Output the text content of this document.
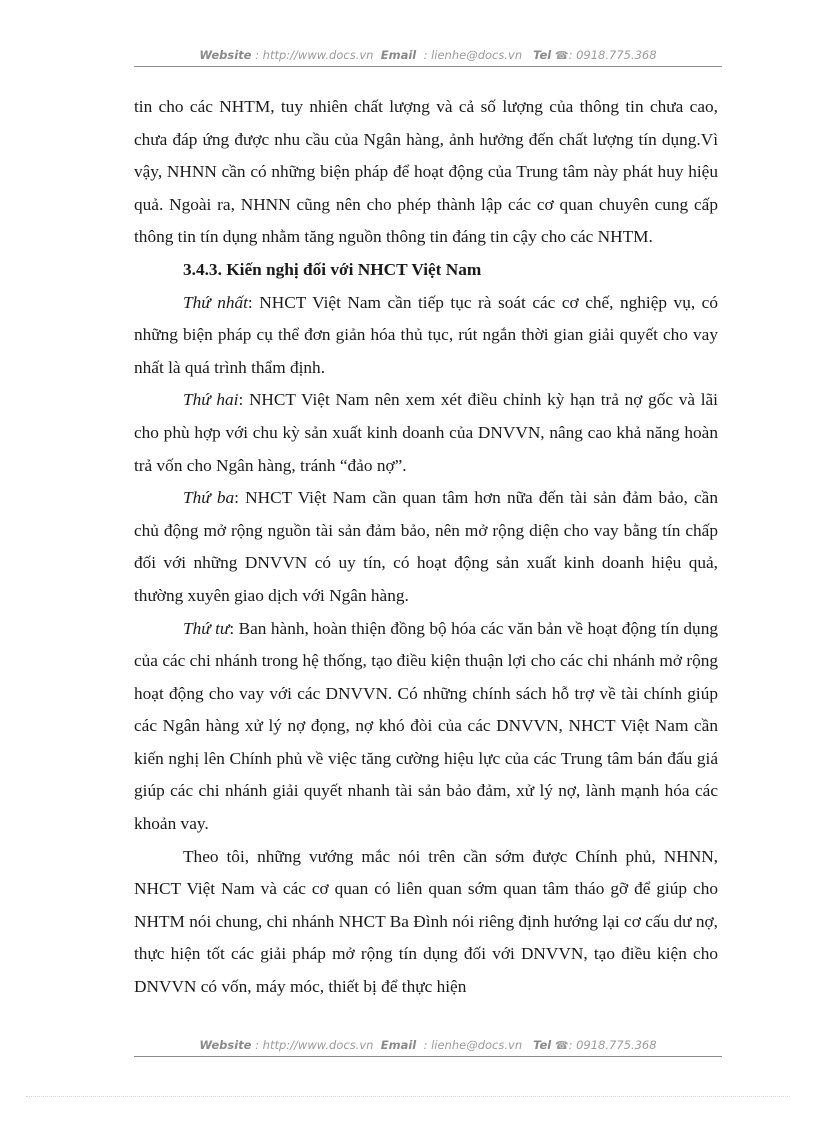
Website : http://www.docs.vn Email : lienhe@docs.vn Tel ☎: 0918.775.368

tin cho các NHTM, tuy nhiên chất lượng và cả số lượng của thông tin chưa cao, chưa đáp ứng được nhu cầu của Ngân hàng, ảnh hưởng đến chất lượng tín dụng.Vì vậy, NHNN cần có những biện pháp để hoạt động của Trung tâm này phát huy hiệu quả. Ngoài ra, NHNN cũng nên cho phép thành lập các cơ quan chuyên cung cấp thông tin tín dụng nhằm tăng nguồn thông tin đáng tin cậy cho các NHTM.

3.4.3. Kiến nghị đối với NHCT Việt Nam

Thứ nhất: NHCT Việt Nam cần tiếp tục rà soát các cơ chế, nghiệp vụ, có những biện pháp cụ thể đơn giản hóa thủ tục, rút ngắn thời gian giải quyết cho vay nhất là quá trình thẩm định.

Thứ hai: NHCT Việt Nam nên xem xét điều chỉnh kỳ hạn trả nợ gốc và lãi cho phù hợp với chu kỳ sản xuất kinh doanh của DNVVN, nâng cao khả năng hoàn trả vốn cho Ngân hàng, tránh “đảo nợ”.

Thứ ba: NHCT Việt Nam cần quan tâm hơn nữa đến tài sản đảm bảo, cần chủ động mở rộng nguồn tài sản đảm bảo, nên mở rộng diện cho vay bằng tín chấp đối với những DNVVN có uy tín, có hoạt động sản xuất kinh doanh hiệu quả, thường xuyên giao dịch với Ngân hàng.

Thứ tư: Ban hành, hoàn thiện đồng bộ hóa các văn bản về hoạt động tín dụng của các chi nhánh trong hệ thống, tạo điều kiện thuận lợi cho các chi nhánh mở rộng hoạt động cho vay với các DNVVN. Có những chính sách hỗ trợ về tài chính giúp các Ngân hàng xử lý nợ đọng, nợ khó đòi của các DNVVN, NHCT Việt Nam cần kiến nghị lên Chính phủ về việc tăng cường hiệu lực của các Trung tâm bán đấu giá giúp các chi nhánh giải quyết nhanh tài sản bảo đảm, xử lý nợ, lành mạnh hóa các khoản vay.

Theo tôi, những vướng mắc nói trên cần sớm được Chính phủ, NHNN, NHCT Việt Nam và các cơ quan có liên quan sớm quan tâm tháo gỡ để giúp cho NHTM nói chung, chi nhánh NHCT Ba Đình nói riêng định hướng lại cơ cấu dư nợ, thực hiện tốt các giải pháp mở rộng tín dụng đối với DNVVN, tạo điều kiện cho DNVVN có vốn, máy móc, thiết bị để thực hiện

Website : http://www.docs.vn Email : lienhe@docs.vn Tel ☎: 0918.775.368
